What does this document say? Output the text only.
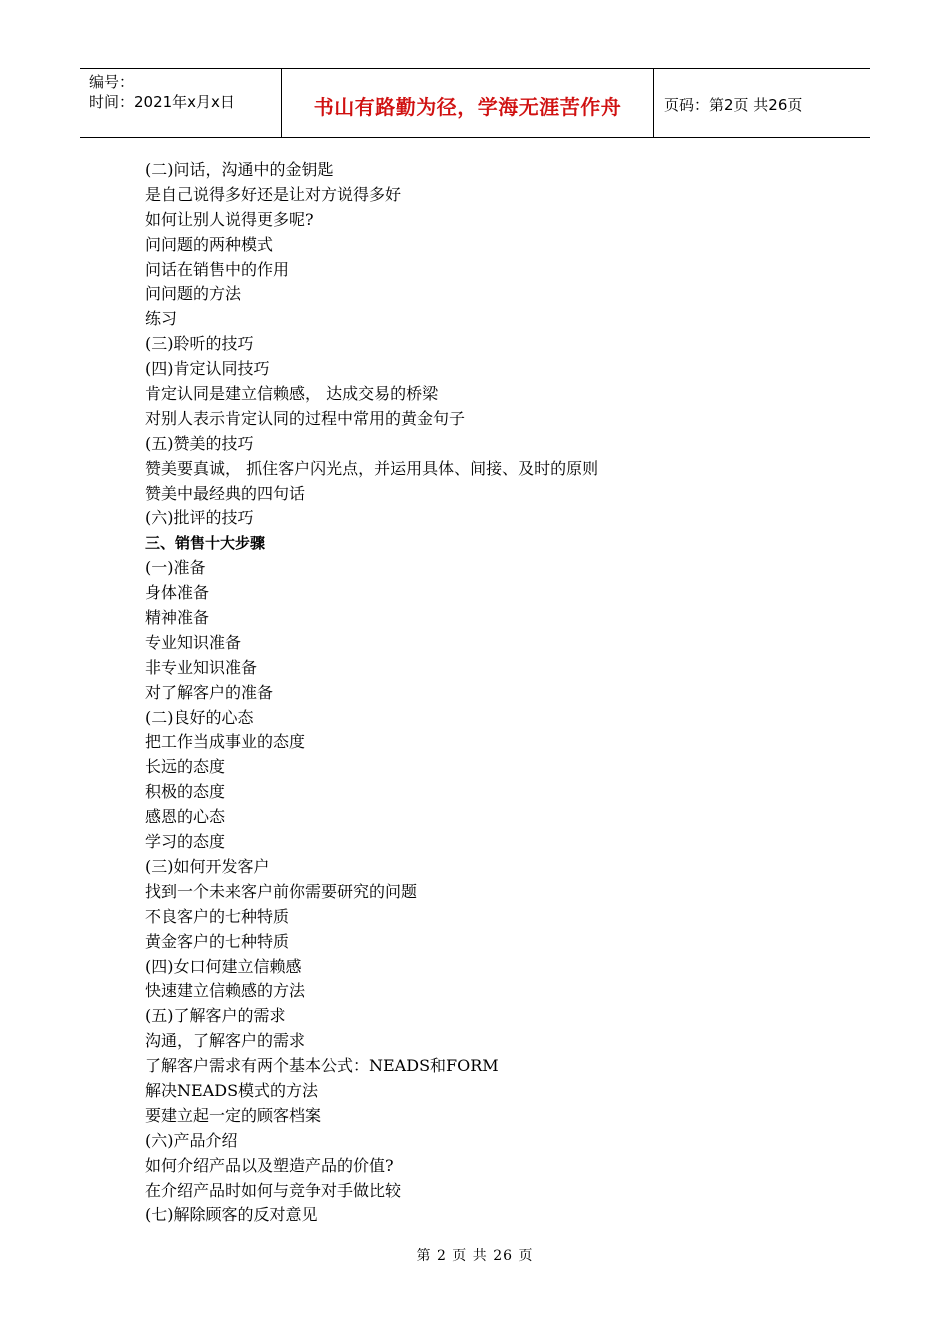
编号：
时间：2021年x月x日	书山有路勤为径，学海无涯苦作舟	页码：第2页 共26页
(二)问话，沟通中的金钥匙
是自己说得多好还是让对方说得多好
如何让别人说得更多呢?
问问题的两种模式
问话在销售中的作用
问问题的方法
练习
(三)聆听的技巧
(四)肯定认同技巧
肯定认同是建立信赖感， 达成交易的桥梁
对别人表示肯定认同的过程中常用的黄金句子
(五)赞美的技巧
赞美要真诚， 抓住客户闪光点，并运用具体、间接、及时的原则
赞美中最经典的四句话
(六)批评的技巧
三、销售十大步骤
(一)准备
身体准备
精神准备
专业知识准备
非专业知识准备
对了解客户的准备
(二)良好的心态
把工作当成事业的态度
长远的态度
积极的态度
感恩的心态
学习的态度
(三)如何开发客户
找到一个未来客户前你需要研究的问题
不良客户的七种特质
黄金客户的七种特质
(四)女口何建立信赖感
快速建立信赖感的方法
(五)了解客户的需求
沟通，了解客户的需求
了解客户需求有两个基本公式：NEADS和FORM
解决NEADS模式的方法
要建立起一定的顾客档案
(六)产品介绍
如何介绍产品以及塑造产品的价值?
在介绍产品时如何与竞争对手做比较
(七)解除顾客的反对意见
第 2 页 共 26 页
